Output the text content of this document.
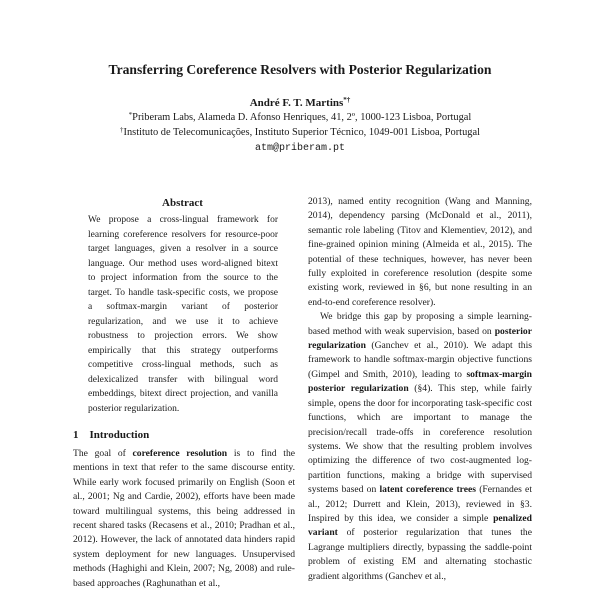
Transferring Coreference Resolvers with Posterior Regularization
André F. T. Martins*†
*Priberam Labs, Alameda D. Afonso Henriques, 41, 2º, 1000-123 Lisboa, Portugal
†Instituto de Telecomunicações, Instituto Superior Técnico, 1049-001 Lisboa, Portugal
atm@priberam.pt
Abstract

We propose a cross-lingual framework for learning coreference resolvers for resource-poor target languages, given a resolver in a source language. Our method uses word-aligned bitext to project information from the source to the target. To handle task-specific costs, we propose a softmax-margin variant of posterior regularization, and we use it to achieve robustness to projection errors. We show empirically that this strategy outperforms competitive cross-lingual methods, such as delexicalized transfer with bilingual word embeddings, bitext direct projection, and vanilla posterior regularization.

1 Introduction

The goal of coreference resolution is to find the mentions in text that refer to the same discourse entity. While early work focused primarily on English (Soon et al., 2001; Ng and Cardie, 2002), efforts have been made toward multilingual systems, this being addressed in recent shared tasks (Recasens et al., 2010; Pradhan et al., 2012). However, the lack of annotated data hinders rapid system deployment for new languages. Unsupervised methods (Haghighi and Klein, 2007; Ng, 2008) and rule-based approaches (Raghunathan et al.,

2013), named entity recognition (Wang and Manning, 2014), dependency parsing (McDonald et al., 2011), semantic role labeling (Titov and Klementiev, 2012), and fine-grained opinion mining (Almeida et al., 2015). The potential of these techniques, however, has never been fully exploited in coreference resolution (despite some existing work, reviewed in §6, but none resulting in an end-to-end coreference resolver).

We bridge this gap by proposing a simple learning-based method with weak supervision, based on posterior regularization (Ganchev et al., 2010). We adapt this framework to handle softmax-margin objective functions (Gimpel and Smith, 2010), leading to softmax-margin posterior regularization (§4). This step, while fairly simple, opens the door for incorporating task-specific cost functions, which are important to manage the precision/recall trade-offs in coreference resolution systems. We show that the resulting problem involves optimizing the difference of two cost-augmented log-partition functions, making a bridge with supervised systems based on latent coreference trees (Fernandes et al., 2012; Durrett and Klein, 2013), reviewed in §3. Inspired by this idea, we consider a simple penalized variant of posterior regularization that tunes the Lagrange multipliers directly, bypassing the saddle-point problem of existing EM and alternating stochastic gradient algorithms (Ganchev et al.,
